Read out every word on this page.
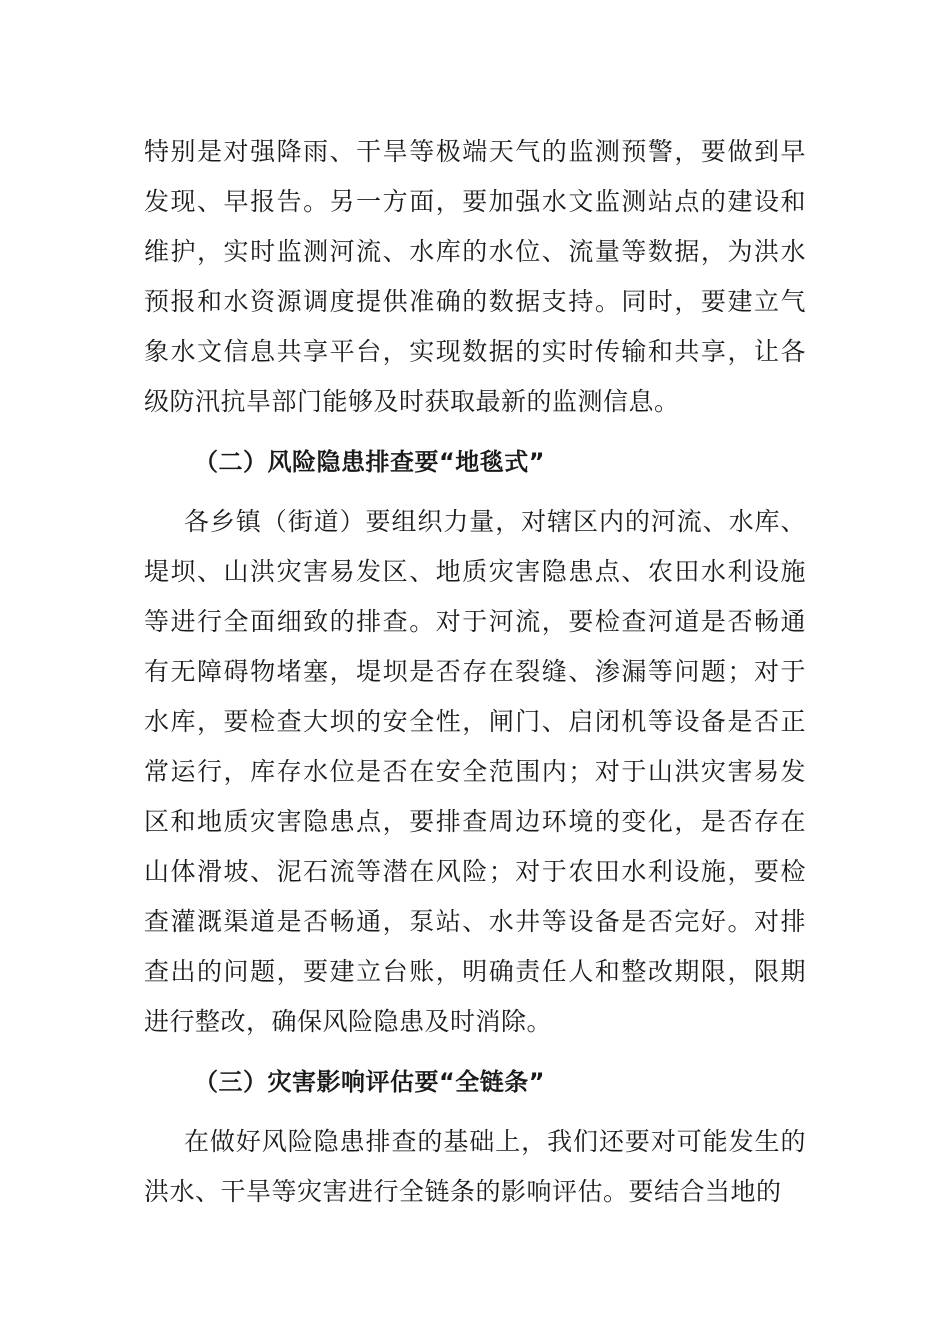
特别是对强降雨、干旱等极端天气的监测预警，要做到早发现、早报告。另一方面，要加强水文监测站点的建设和维护，实时监测河流、水库的水位、流量等数据，为洪水预报和水资源调度提供准确的数据支持。同时，要建立气象水文信息共享平台，实现数据的实时传输和共享，让各级防汛抗旱部门能够及时获取最新的监测信息。

（二）风险隐患排查要“地毯式”

各乡镇（街道）要组织力量，对辖区内的河流、水库、堤坝、山洪灾害易发区、地质灾害隐患点、农田水利设施等进行全面细致的排查。对于河流，要检查河道是否畅通有无障碍物堵塞，堤坝是否存在裂缝、渗漏等问题；对于水库，要检查大坝的安全性，闸门、启闭机等设备是否正常运行，库存水位是否在安全范围内；对于山洪灾害易发区和地质灾害隐患点，要排查周边环境的变化，是否存在山体滑坡、泥石流等潜在风险；对于农田水利设施，要检查灌溉渠道是否畅通，泵站、水井等设备是否完好。对排查出的问题，要建立台账，明确责任人和整改期限，限期进行整改，确保风险隐患及时消除。

（三）灾害影响评估要“全链条”

在做好风险隐患排查的基础上，我们还要对可能发生的洪水、干旱等灾害进行全链条的影响评估。要结合当地的
